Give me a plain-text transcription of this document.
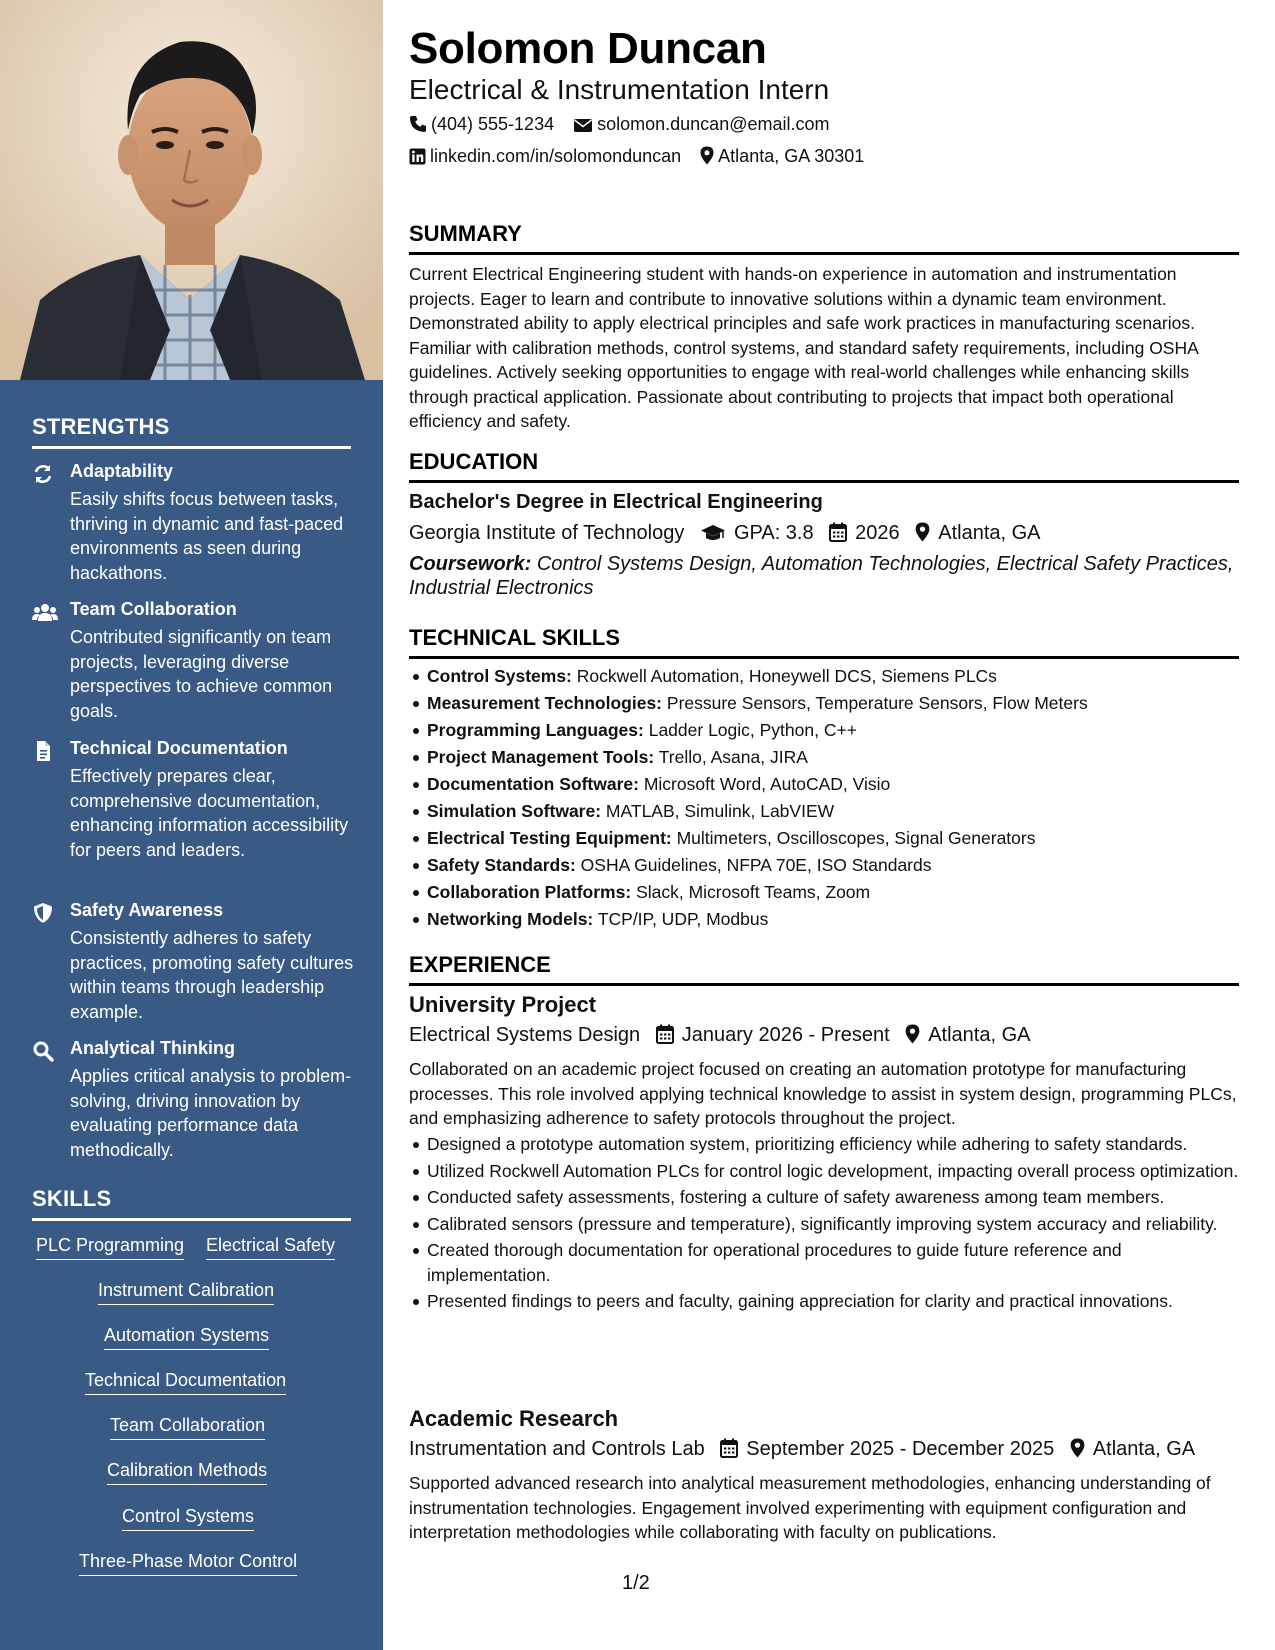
STRENGTHS
Adaptability
Easily shifts focus between tasks, thriving in dynamic and fast-paced environments as seen during hackathons.
Team Collaboration
Contributed significantly on team projects, leveraging diverse perspectives to achieve common goals.
Technical Documentation
Effectively prepares clear, comprehensive documentation, enhancing information accessibility for peers and leaders.
Safety Awareness
Consistently adheres to safety practices, promoting safety cultures within teams through leadership example.
Analytical Thinking
Applies critical analysis to problem-solving, driving innovation by evaluating performance data methodically.
SKILLS
PLC Programming Electrical Safety
Instrument Calibration
Automation Systems
Technical Documentation
Team Collaboration
Calibration Methods
Control Systems
Three-Phase Motor Control
Solomon Duncan
Electrical & Instrumentation Intern
(404) 555-1234 solomon.duncan@email.com
linkedin.com/in/solomonduncan Atlanta, GA 30301
SUMMARY
Current Electrical Engineering student with hands-on experience in automation and instrumentation projects. Eager to learn and contribute to innovative solutions within a dynamic team environment. Demonstrated ability to apply electrical principles and safe work practices in manufacturing scenarios. Familiar with calibration methods, control systems, and standard safety requirements, including OSHA guidelines. Actively seeking opportunities to engage with real-world challenges while enhancing skills through practical application. Passionate about contributing to projects that impact both operational efficiency and safety.
EDUCATION
Bachelor's Degree in Electrical Engineering
Georgia Institute of Technology GPA: 3.8 2026 Atlanta, GA
Coursework: Control Systems Design, Automation Technologies, Electrical Safety Practices, Industrial Electronics
TECHNICAL SKILLS
Control Systems: Rockwell Automation, Honeywell DCS, Siemens PLCs
Measurement Technologies: Pressure Sensors, Temperature Sensors, Flow Meters
Programming Languages: Ladder Logic, Python, C++
Project Management Tools: Trello, Asana, JIRA
Documentation Software: Microsoft Word, AutoCAD, Visio
Simulation Software: MATLAB, Simulink, LabVIEW
Electrical Testing Equipment: Multimeters, Oscilloscopes, Signal Generators
Safety Standards: OSHA Guidelines, NFPA 70E, ISO Standards
Collaboration Platforms: Slack, Microsoft Teams, Zoom
Networking Models: TCP/IP, UDP, Modbus
EXPERIENCE
University Project
Electrical Systems Design January 2026 - Present Atlanta, GA
Collaborated on an academic project focused on creating an automation prototype for manufacturing processes. This role involved applying technical knowledge to assist in system design, programming PLCs, and emphasizing adherence to safety protocols throughout the project.
Designed a prototype automation system, prioritizing efficiency while adhering to safety standards.
Utilized Rockwell Automation PLCs for control logic development, impacting overall process optimization.
Conducted safety assessments, fostering a culture of safety awareness among team members.
Calibrated sensors (pressure and temperature), significantly improving system accuracy and reliability.
Created thorough documentation for operational procedures to guide future reference and implementation.
Presented findings to peers and faculty, gaining appreciation for clarity and practical innovations.
Academic Research
Instrumentation and Controls Lab September 2025 - December 2025 Atlanta, GA
Supported advanced research into analytical measurement methodologies, enhancing understanding of instrumentation technologies. Engagement involved experimenting with equipment configuration and interpretation methodologies while collaborating with faculty on publications.
1/2
